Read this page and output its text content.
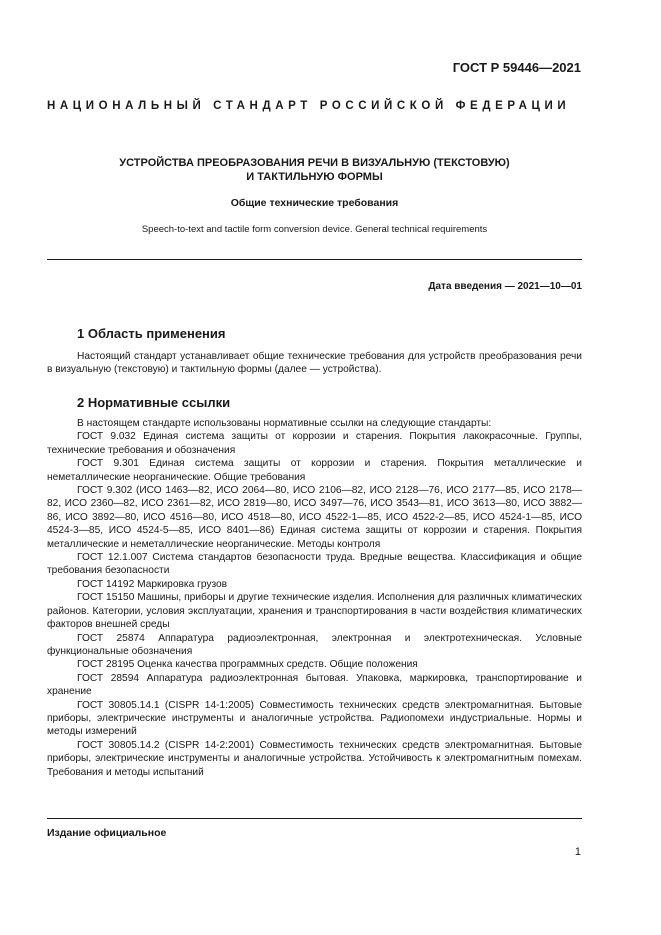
ГОСТ Р 59446—2021
НАЦИОНАЛЬНЫЙ СТАНДАРТ РОССИЙСКОЙ ФЕДЕРАЦИИ
УСТРОЙСТВА ПРЕОБРАЗОВАНИЯ РЕЧИ В ВИЗУАЛЬНУЮ (ТЕКСТОВУЮ)
И ТАКТИЛЬНУЮ ФОРМЫ
Общие технические требования
Speech-to-text and tactile form conversion device. General technical requirements
Дата введения — 2021—10—01
1 Область применения

Настоящий стандарт устанавливает общие технические требования для устройств преобразования речи в визуальную (текстовую) и тактильную формы (далее — устройства).

2 Нормативные ссылки

В настоящем стандарте использованы нормативные ссылки на следующие стандарты:

ГОСТ 9.032 Единая система защиты от коррозии и старения. Покрытия лакокрасочные. Группы, технические требования и обозначения

ГОСТ 9.301 Единая система защиты от коррозии и старения. Покрытия металлические и неметаллические неорганические. Общие требования

ГОСТ 9.302 (ИСО 1463—82, ИСО 2064—80, ИСО 2106—82, ИСО 2128—76, ИСО 2177—85, ИСО 2178—82, ИСО 2360—82, ИСО 2361—82, ИСО 2819—80, ИСО 3497—76, ИСО 3543—81, ИСО 3613—80, ИСО 3882—86, ИСО 3892—80, ИСО 4516—80, ИСО 4518—80, ИСО 4522-1—85, ИСО 4522-2—85, ИСО 4524-1—85, ИСО 4524-3—85, ИСО 4524-5—85, ИСО 8401—86) Единая система защиты от коррозии и старения. Покрытия металлические и неметаллические неорганические. Методы контроля

ГОСТ 12.1.007 Система стандартов безопасности труда. Вредные вещества. Классификация и общие требования безопасности

ГОСТ 14192 Маркировка грузов

ГОСТ 15150 Машины, приборы и другие технические изделия. Исполнения для различных климатических районов. Категории, условия эксплуатации, хранения и транспортирования в части воздействия климатических факторов внешней среды

ГОСТ 25874 Аппаратура радиоэлектронная, электронная и электротехническая. Условные функциональные обозначения

ГОСТ 28195 Оценка качества программных средств. Общие положения

ГОСТ 28594 Аппаратура радиоэлектронная бытовая. Упаковка, маркировка, транспортирование и хранение

ГОСТ 30805.14.1 (CISPR 14-1:2005) Совместимость технических средств электромагнитная. Бытовые приборы, электрические инструменты и аналогичные устройства. Радиопомехи индустриальные. Нормы и методы измерений

ГОСТ 30805.14.2 (CISPR 14-2:2001) Совместимость технических средств электромагнитная. Бытовые приборы, электрические инструменты и аналогичные устройства. Устойчивость к электромагнитным помехам. Требования и методы испытаний

Издание официальное
1
